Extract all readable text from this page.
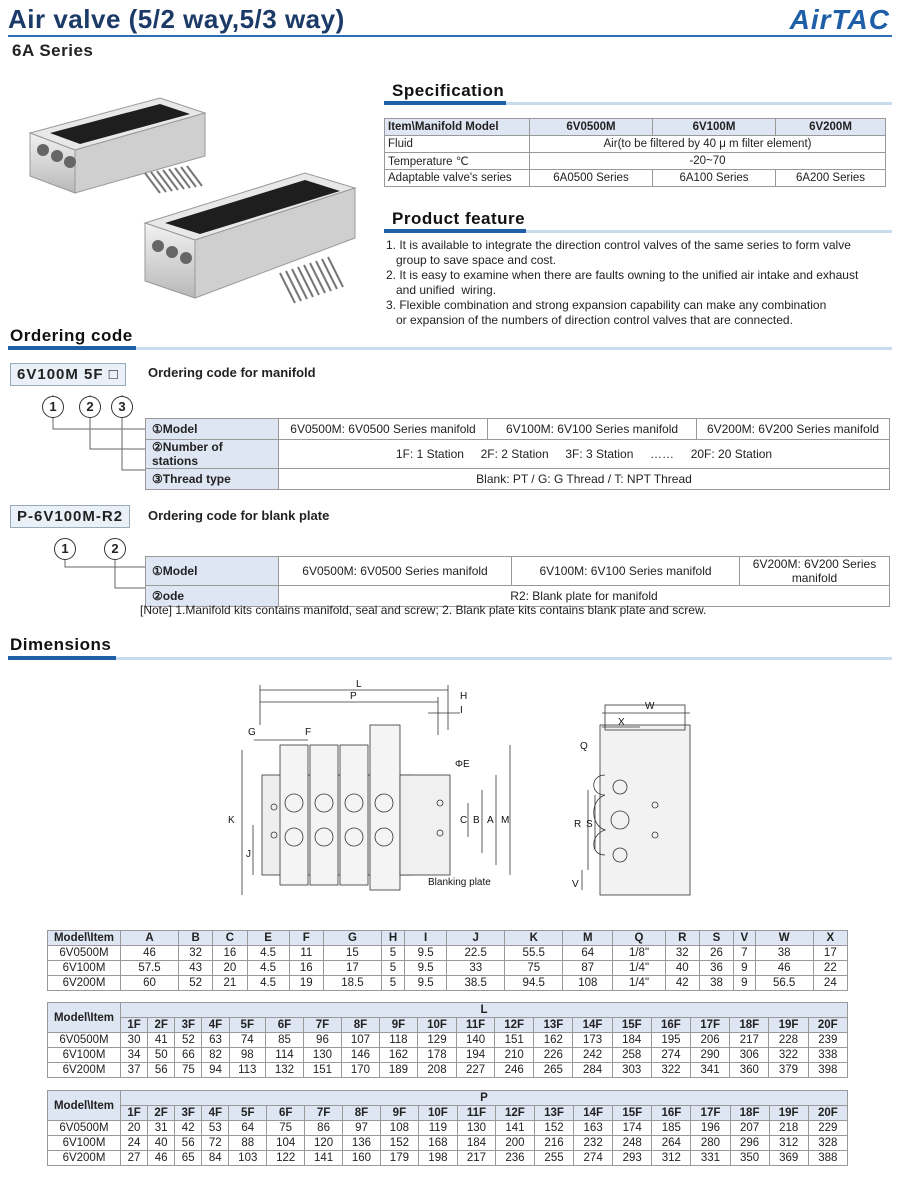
Air valve (5/2 way,5/3 way)	AirTAC
6A Series
Specification
Item\Manifold Model	6V0500M	6V100M	6V200M
Fluid	Air(to be filtered by 40 μ m filter element)		
Temperature ℃	-20~70		
Adaptable valve's series	6A0500 Series	6A100 Series	6A200 Series
Product feature
1. It is available to integrate the direction control valves of the same series to form valve
group to save space and cost.
2. It is easy to examine when there are faults owning to the unified air intake and exhaust
and unified  wiring.
3. Flexible combination and strong expansion capability can make any combination
or expansion of the numbers of direction control valves that are connected.
Ordering code
6V100M 5F □	Ordering code for manifold
1	2	3
①Model	6V0500M: 6V0500 Series manifold	6V100M: 6V100 Series manifold	6V200M: 6V200 Series manifold
②Number of stations	1F: 1 Station     2F: 2 Station     3F: 3 Station     ……     20F: 20 Station		
③Thread type	Blank: PT / G: G Thread / T: NPT Thread		
P-6V100M-R2	Ordering code for blank plate
1	2
①Model	6V0500M: 6V0500 Series manifold	6V100M: 6V100 Series manifold	6V200M: 6V200 Series manifold
②ode	R2: Blank plate for manifold		
[Note] 1.Manifold kits contains manifold, seal and screw; 2. Blank plate kits contains blank plate and screw.
Dimensions
L
P	H
I
G	F
ΦE
C B A M
K
J
Blanking plate
W
X
Q
R S
V
Model\Item	A	B	C	E	F	G	H	I	J	K	M	Q	R	S	V	W	X
6V0500M	46	32	16	4.5	11	15	5	9.5	22.5	55.5	64	1/8"	32	26	7	38	17
6V100M	57.5	43	20	4.5	16	17	5	9.5	33	75	87	1/4"	40	36	9	46	22
6V200M	60	52	21	4.5	19	18.5	5	9.5	38.5	94.5	108	1/4"	42	38	9	56.5	24
Model\Item	L																			
	1F	2F	3F	4F	5F	6F	7F	8F	9F	10F	11F	12F	13F	14F	15F	16F	17F	18F	19F	20F
6V0500M	30	41	52	63	74	85	96	107	118	129	140	151	162	173	184	195	206	217	228	239
6V100M	34	50	66	82	98	114	130	146	162	178	194	210	226	242	258	274	290	306	322	338
6V200M	37	56	75	94	113	132	151	170	189	208	227	246	265	284	303	322	341	360	379	398
Model\Item	P																			
	1F	2F	3F	4F	5F	6F	7F	8F	9F	10F	11F	12F	13F	14F	15F	16F	17F	18F	19F	20F
6V0500M	20	31	42	53	64	75	86	97	108	119	130	141	152	163	174	185	196	207	218	229
6V100M	24	40	56	72	88	104	120	136	152	168	184	200	216	232	248	264	280	296	312	328
6V200M	27	46	65	84	103	122	141	160	179	198	217	236	255	274	293	312	331	350	369	388
